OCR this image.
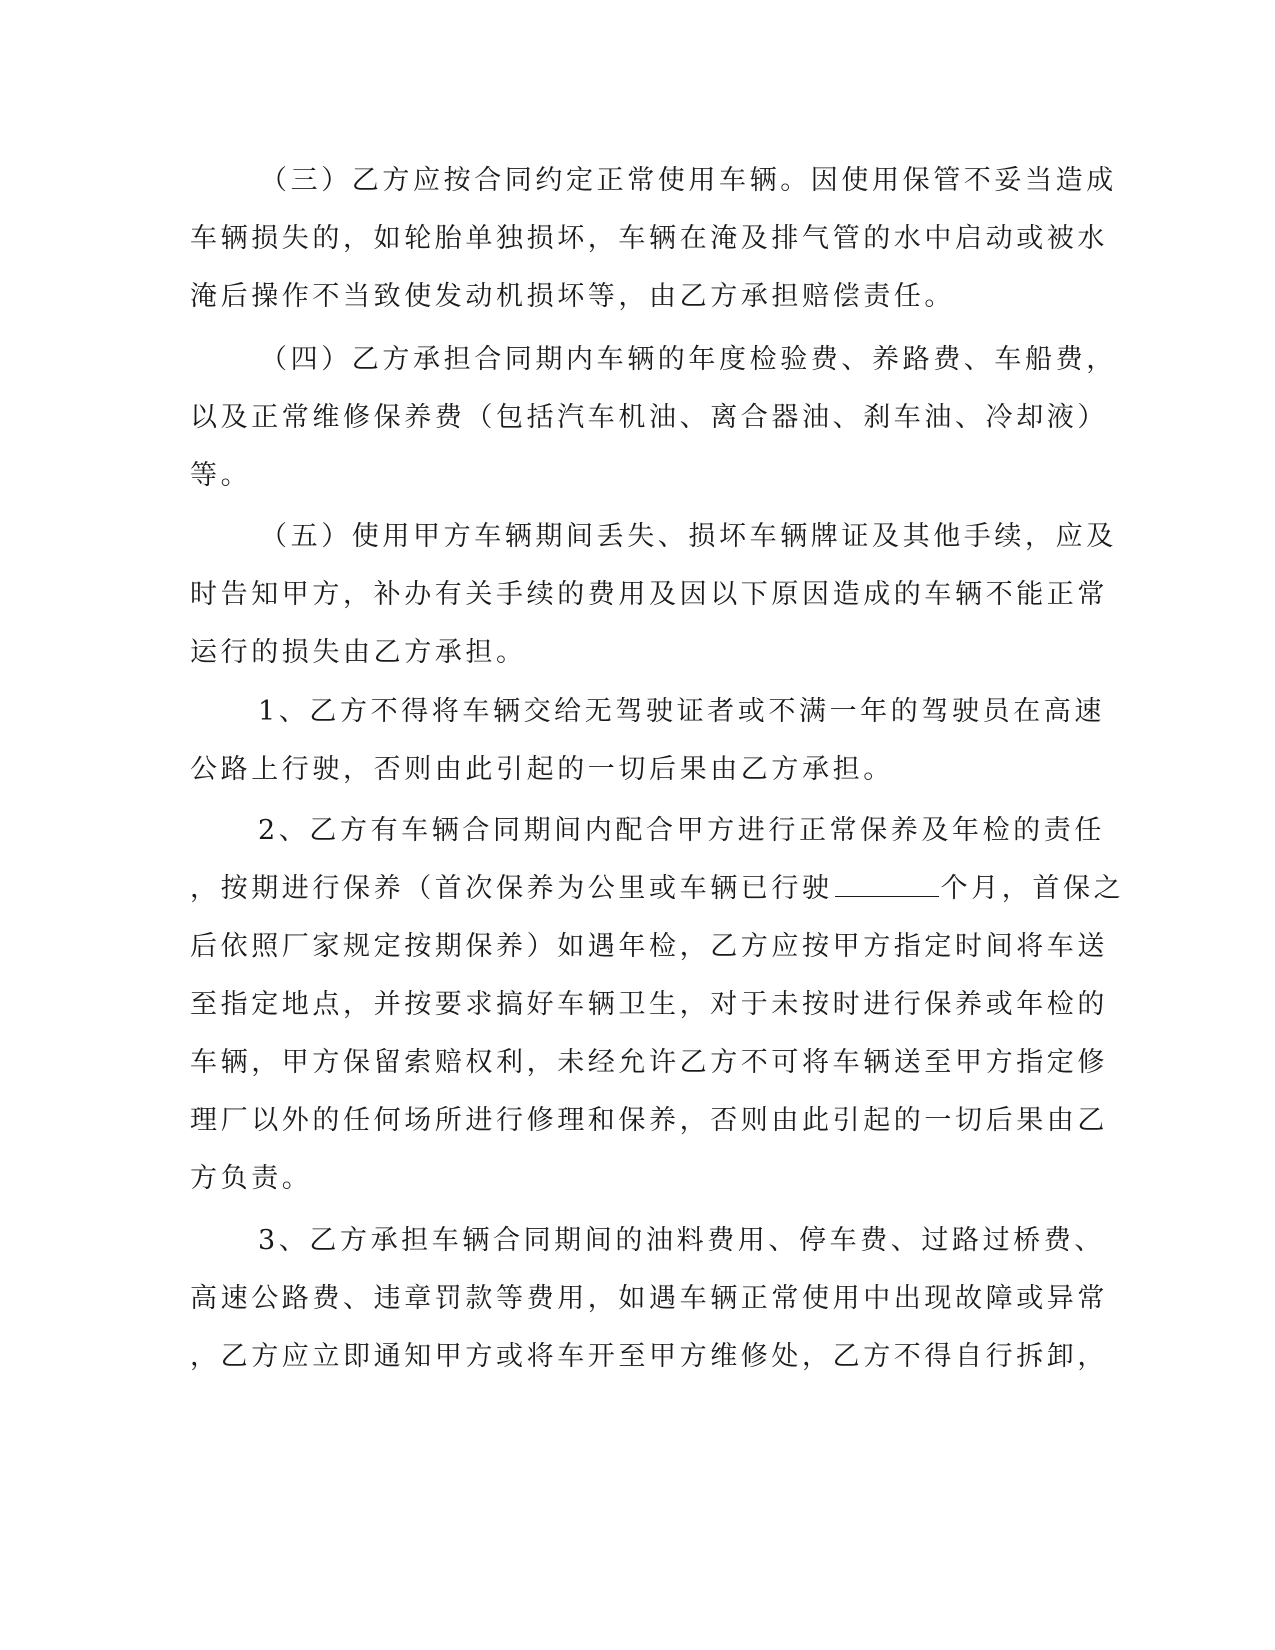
（三）乙方应按合同约定正常使用车辆。因使用保管不妥当造成
车辆损失的，如轮胎单独损坏，车辆在淹及排气管的水中启动或被水
淹后操作不当致使发动机损坏等，由乙方承担赔偿责任。
（四）乙方承担合同期内车辆的年度检验费、养路费、车船费，
以及正常维修保养费（包括汽车机油、离合器油、刹车油、冷却液）
等。
（五）使用甲方车辆期间丢失、损坏车辆牌证及其他手续，应及
时告知甲方，补办有关手续的费用及因以下原因造成的车辆不能正常
运行的损失由乙方承担。
1、乙方不得将车辆交给无驾驶证者或不满一年的驾驶员在高速
公路上行驶，否则由此引起的一切后果由乙方承担。
2、乙方有车辆合同期间内配合甲方进行正常保养及年检的责任
，按期进行保养（首次保养为公里或车辆已行驶	个月，首保之
后依照厂家规定按期保养）如遇年检，乙方应按甲方指定时间将车送
至指定地点，并按要求搞好车辆卫生，对于未按时进行保养或年检的
车辆，甲方保留索赔权利，未经允许乙方不可将车辆送至甲方指定修
理厂以外的任何场所进行修理和保养，否则由此引起的一切后果由乙
方负责。
3、乙方承担车辆合同期间的油料费用、停车费、过路过桥费、
高速公路费、违章罚款等费用，如遇车辆正常使用中出现故障或异常
，乙方应立即通知甲方或将车开至甲方维修处，乙方不得自行拆卸，
